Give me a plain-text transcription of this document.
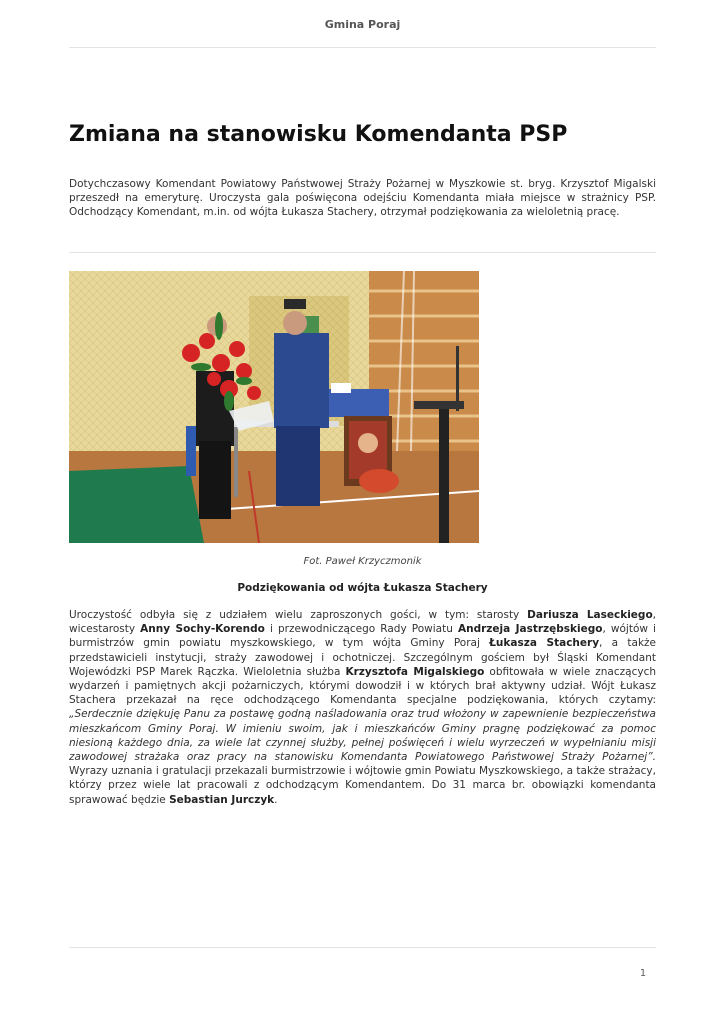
Gmina Poraj
Zmiana na stanowisku Komendanta PSP

Dotychczasowy Komendant Powiatowy Państwowej Straży Pożarnej w Myszkowie st. bryg. Krzysztof Migalski przeszedł na emeryturę. Uroczysta gala poświęcona odejściu Komendanta miała miejsce w strażnicy PSP. Odchodzący Komendant, m.in. od wójta Łukasza Stachery, otrzymał podziękowania za wieloletnią pracę.

Fot. Paweł Krzyczmonik
Podziękowania od wójta Łukasza Stachery

Uroczystość odbyła się z udziałem wielu zaproszonych gości, w tym: starosty Dariusza Laseckiego, wicestarosty Anny Sochy-Korendo i przewodniczącego Rady Powiatu Andrzeja Jastrzębskiego, wójtów i burmistrzów gmin powiatu myszkowskiego, w tym wójta Gminy Poraj Łukasza Stachery, a także przedstawicieli instytucji, straży zawodowej i ochotniczej. Szczególnym gościem był Śląski Komendant Wojewódzki PSP Marek Rączka. Wieloletnia służba Krzysztofa Migalskiego obfitowała w wiele znaczących wydarzeń i pamiętnych akcji pożarniczych, którymi dowodził i w których brał aktywny udział. Wójt Łukasz Stachera przekazał na ręce odchodzącego Komendanta specjalne podziękowania, których czytamy: „Serdecznie dziękuję Panu za postawę godną naśladowania oraz trud włożony w zapewnienie bezpieczeństwa mieszkańcom Gminy Poraj. W imieniu swoim, jak i mieszkańców Gminy pragnę podziękować za pomoc niesioną każdego dnia, za wiele lat czynnej służby, pełnej poświęceń i wielu wyrzeczeń w wypełnianiu misji zawodowej strażaka oraz pracy na stanowisku Komendanta Powiatowego Państwowej Straży Pożarnej”. Wyrazy uznania i gratulacji przekazali burmistrzowie i wójtowie gmin Powiatu Myszkowskiego, a także strażacy, którzy przez wiele lat pracowali z odchodzącym Komendantem. Do 31 marca br. obowiązki komendanta sprawować będzie Sebastian Jurczyk.

1
